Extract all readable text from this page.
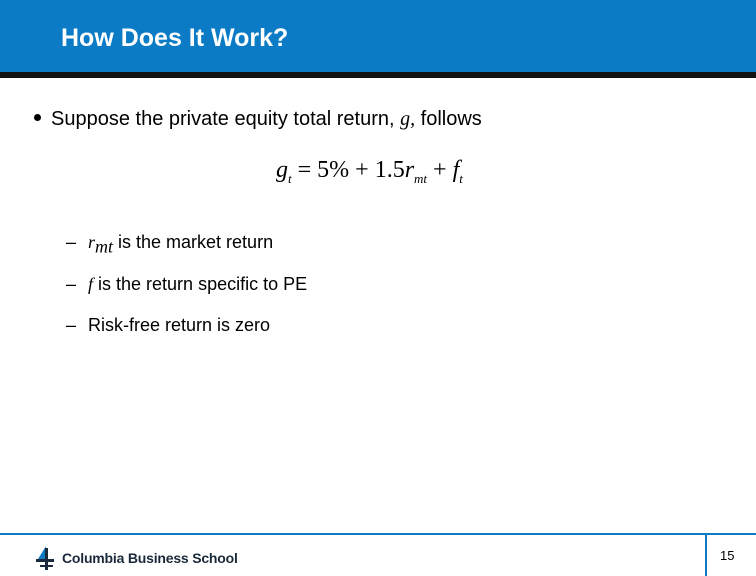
How Does It Work?
Suppose the private equity total return, g, follows
$g_t = 5\% + 1.5r_{mt} + f_t$
– $r_{mt}$ is the market return
– f is the return specific to PE
– Risk-free return is zero
Columbia Business School	15
